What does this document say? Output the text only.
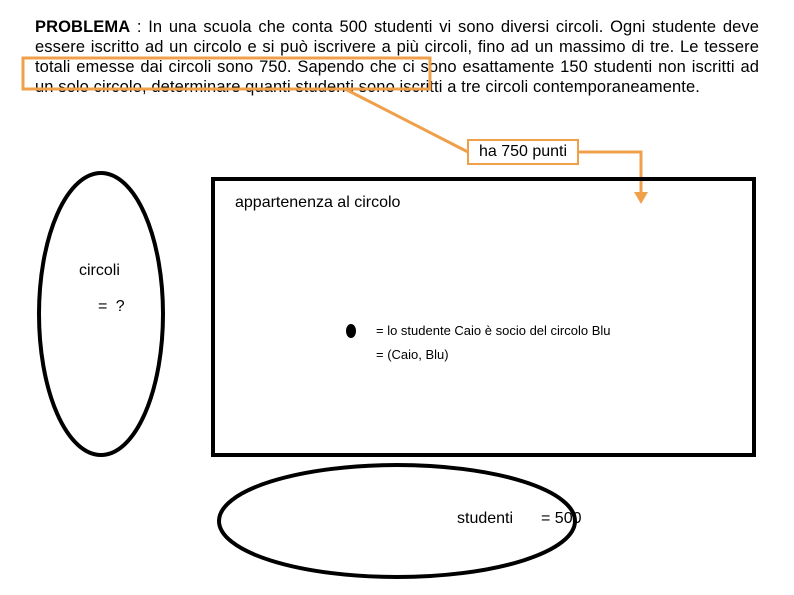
PROBLEMA : In una scuola che conta 500 studenti vi sono diversi circoli. Ogni studente deve essere iscritto ad un circolo e si può iscrivere a più circoli, fino ad un massimo di tre. Le tessere totali emesse dai circoli sono 750. Sapendo che ci sono esattamente 150 studenti non iscritti ad un solo circolo, determinare quanti studenti sono iscritti a tre circoli contemporaneamente.
ha 750 punti
appartenenza al circolo
= lo studente Caio è socio del circolo Blu
= (Caio, Blu)
circoli
= ?
studenti = 500
